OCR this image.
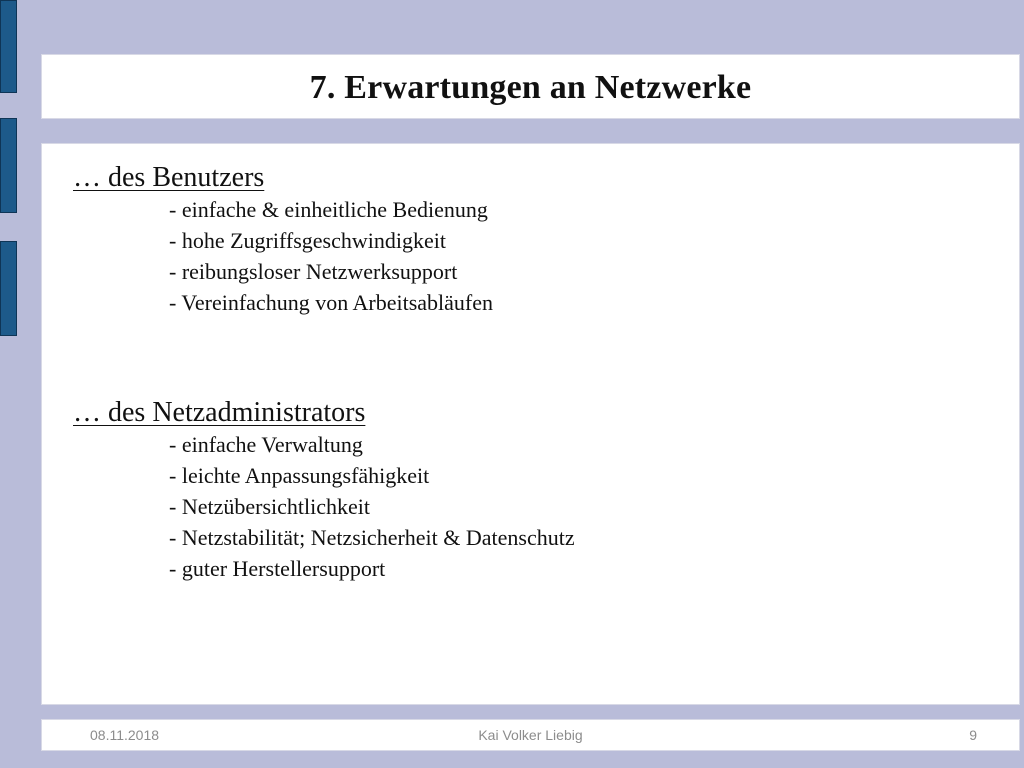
7. Erwartungen an Netzwerke
… des Benutzers
- einfache & einheitliche Bedienung
- hohe Zugriffsgeschwindigkeit
- reibungsloser Netzwerksupport
- Vereinfachung von Arbeitsabläufen
… des Netzadministrators
- einfache Verwaltung
- leichte Anpassungsfähigkeit
- Netzübersichtlichkeit
- Netzstabilität; Netzsicherheit & Datenschutz
- guter Herstellersupport
08.11.2018	Kai Volker Liebig	9
